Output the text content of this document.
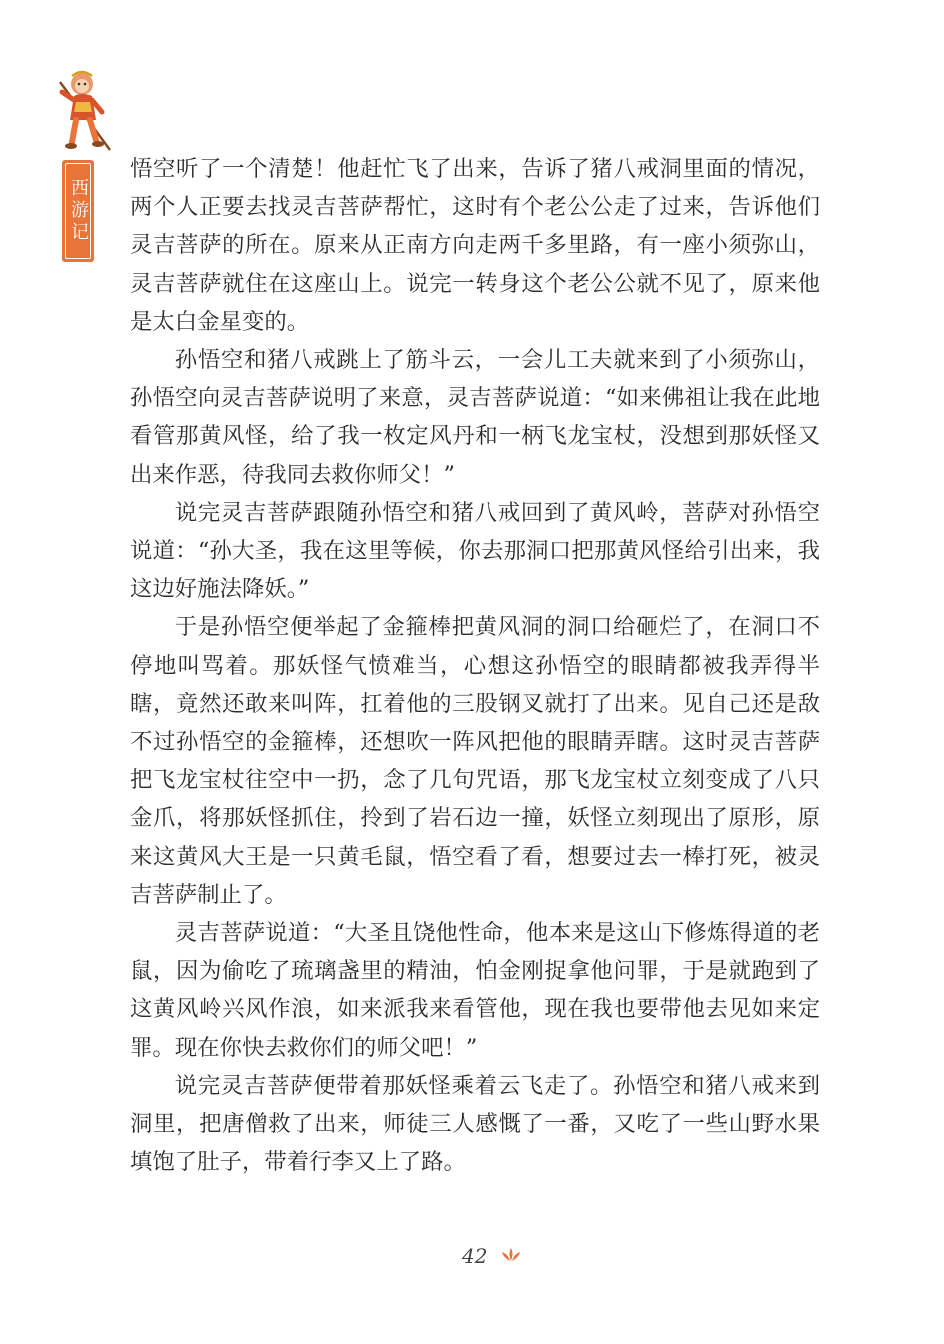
西游记

悟空听了一个清楚！他赶忙飞了出来，告诉了猪八戒洞里面的情况，两个人正要去找灵吉菩萨帮忙，这时有个老公公走了过来，告诉他们灵吉菩萨的所在。原来从正南方向走两千多里路，有一座小须弥山，灵吉菩萨就住在这座山上。说完一转身这个老公公就不见了，原来他是太白金星变的。

孙悟空和猪八戒跳上了筋斗云，一会儿工夫就来到了小须弥山，孙悟空向灵吉菩萨说明了来意，灵吉菩萨说道：“如来佛祖让我在此地看管那黄风怪，给了我一枚定风丹和一柄飞龙宝杖，没想到那妖怪又出来作恶，待我同去救你师父！”

说完灵吉菩萨跟随孙悟空和猪八戒回到了黄风岭，菩萨对孙悟空说道：“孙大圣，我在这里等候，你去那洞口把那黄风怪给引出来，我这边好施法降妖。”

于是孙悟空便举起了金箍棒把黄风洞的洞口给砸烂了，在洞口不停地叫骂着。那妖怪气愤难当，心想这孙悟空的眼睛都被我弄得半瞎，竟然还敢来叫阵，扛着他的三股钢叉就打了出来。见自己还是敌不过孙悟空的金箍棒，还想吹一阵风把他的眼睛弄瞎。这时灵吉菩萨把飞龙宝杖往空中一扔，念了几句咒语，那飞龙宝杖立刻变成了八只金爪，将那妖怪抓住，拎到了岩石边一撞，妖怪立刻现出了原形，原来这黄风大王是一只黄毛鼠，悟空看了看，想要过去一棒打死，被灵吉菩萨制止了。

灵吉菩萨说道：“大圣且饶他性命，他本来是这山下修炼得道的老鼠，因为偷吃了琉璃盏里的精油，怕金刚捉拿他问罪，于是就跑到了这黄风岭兴风作浪，如来派我来看管他，现在我也要带他去见如来定罪。现在你快去救你们的师父吧！”

说完灵吉菩萨便带着那妖怪乘着云飞走了。孙悟空和猪八戒来到洞里，把唐僧救了出来，师徒三人感慨了一番，又吃了一些山野水果填饱了肚子，带着行李又上了路。

42
